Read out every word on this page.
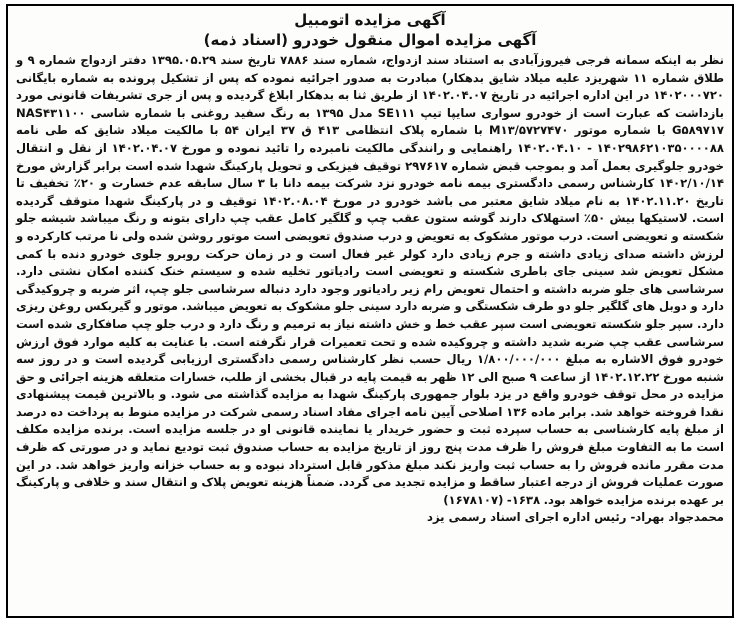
آگهی مزایده اتومبیل

آگهی مزایده اموال منقول خودرو (اسناد ذمه)

نظر به اینکه سمانه فرجی فیروزآبادی به استناد سند ازدواج، شماره سند ۷۸۸۶ تاریخ سند ۱۳۹۵.۰۵.۲۹ دفتر ازدواج شماره ۹ و طلاق شماره ۱۱ شهریزد علیه میلاد شایق بدهکار) مبادرت به صدور اجرائیه نموده که پس از تشکیل پرونده به شماره بایگانی ۱۴۰۲۰۰۰۷۲۰ در این اداره اجرائیه در تاریخ ۱۴۰۲.۰۴.۰۷ از طریق ثنا به بدهکار ابلاغ گردیده و پس از جری تشریفات قانونی مورد بازداشت که عبارت است از خودرو سواری سایپا تیپ SE۱۱۱ مدل ۱۳۹۵ به رنگ سفید روغنی با شماره شاسی NAS۴۳۱۱۰۰ G۵۸۹۷۱۷ با شماره موتور M۱۳/۵۷۲۷۴۷۰ با شماره پلاک انتظامی ۴۱۳ ق ۳۷ ایران ۵۴ با مالکیت میلاد شایق که طی نامه ۱۴۰۲۹۸۶۲۱۰۳۵۰۰۰۰۸۸ - ۱۴۰۲.۰۴.۱۰ راهنمایی و رانندگی مالکیت نامبرده را تائید نموده و مورخ ۱۴۰۲.۰۴.۰۷ از نقل و انتقال خودرو جلوگیری بعمل آمد و بموجب قبض شماره ۲۹۷۶۱۷ توقیف فیزیکی و تحویل پارکینگ شهدا شده است برابر گزارش مورخ ۱۴۰۲/۱۰/۱۴ کارشناس رسمی دادگستری بیمه نامه خودرو نزد شرکت بیمه دانا با ۳ سال سابقه عدم خسارت و ۲۰٪ تخفیف تا تاریخ ۱۴۰۲.۱۱.۲۰ به نام میلاد شایق معتبر می باشد خودرو در مورخ ۱۴۰۲.۰۸.۰۴ توقیف و در پارکینگ شهدا متوقف گردیده است. لاستیکها بیش ۵۰٪ استهلاک دارند گوشه ستون عقب چپ و گلگیر کامل عقب چپ دارای بتونه و رنگ میباشد شیشه جلو شکسته و تعویضی است. درب موتور مشکوک به تعویض و درب صندوق تعویضی است موتور روشن شده ولی نا مرتب کارکرده و لرزش داشته صدای زیادی داشته و جرم زیادی دارد کولر غیر فعال است و در زمان حرکت روبرو جلوی خودرو دنده با کمی مشکل تعویض شد سینی جای باطری شکسته و تعویضی است رادیاتور تخلیه شده و سیستم خنک کننده امکان نشتی دارد. سرشاسی های جلو ضربه داشته و احتمال تعویض رام زیر رادیاتور وجود دارد دنباله سرشاسی جلو چپ، اثر ضربه و چروکیدگی دارد و دوبل های گلگیر جلو دو طرف شکستگی و ضربه دارد سینی جلو مشکوک به تعویض میباشد. موتور و گیربکس روغن ریزی دارد. سپر جلو شکسته تعویضی است سپر عقب خط و خش داشته نیاز به ترمیم و رنگ دارد و درب جلو چپ صافکاری شده است سرشاسی عقب چپ ضربه شدید داشته و چروکیده شده و تحت تعمیرات قرار نگرفته است. با عنایت به کلیه موارد فوق ارزش خودرو فوق الاشاره به مبلغ ۱/۸۰۰/۰۰۰/۰۰۰ ریال حسب نظر کارشناس رسمی دادگستری ارزیابی گردیده است و در روز سه شنبه مورخ ۱۴۰۲.۱۲.۲۲ از ساعت ۹ صبح الی ۱۲ ظهر به قیمت پایه در قبال بخشی از طلب، خسارات متعلقه هزینه اجرائی و حق مزایده در محل توقف خودرو واقع در یزد بلوار جمهوری پارکینگ شهدا به مزایده گذاشته می شود. و بالاترین قیمت پیشنهادی نقدا فروخته خواهد شد. برابر ماده ۱۳۶ اصلاحی آیین نامه اجرای مفاد اسناد رسمی شرکت در مزایده منوط به پرداخت ده درصد از مبلغ پایه کارشناسی به حساب سپرده ثبت و حضور خریدار یا نماینده قانونی او در جلسه مزایده است. برنده مزایده مکلف است ما به التفاوت مبلغ فروش را ظرف مدت پنج روز از تاریخ مزایده به حساب صندوق ثبت تودیع نماید و در صورتی که ظرف مدت مقرر مانده فروش را به حساب ثبت واریز نکند مبلغ مذکور قابل استرداد نبوده و به حساب خزانه واریز خواهد شد. در این صورت عملیات فروش از درجه اعتبار ساقط و مزایده تجدید می گردد. ضمناً هزینه تعویض پلاک و انتقال سند و خلافی و پارکینگ بر عهده برنده مزایده خواهد بود. ۱۶۳۸- (۱۶۷۸۱۰۷)

محمدجواد بهراد- رئیس اداره اجرای اسناد رسمی یزد
